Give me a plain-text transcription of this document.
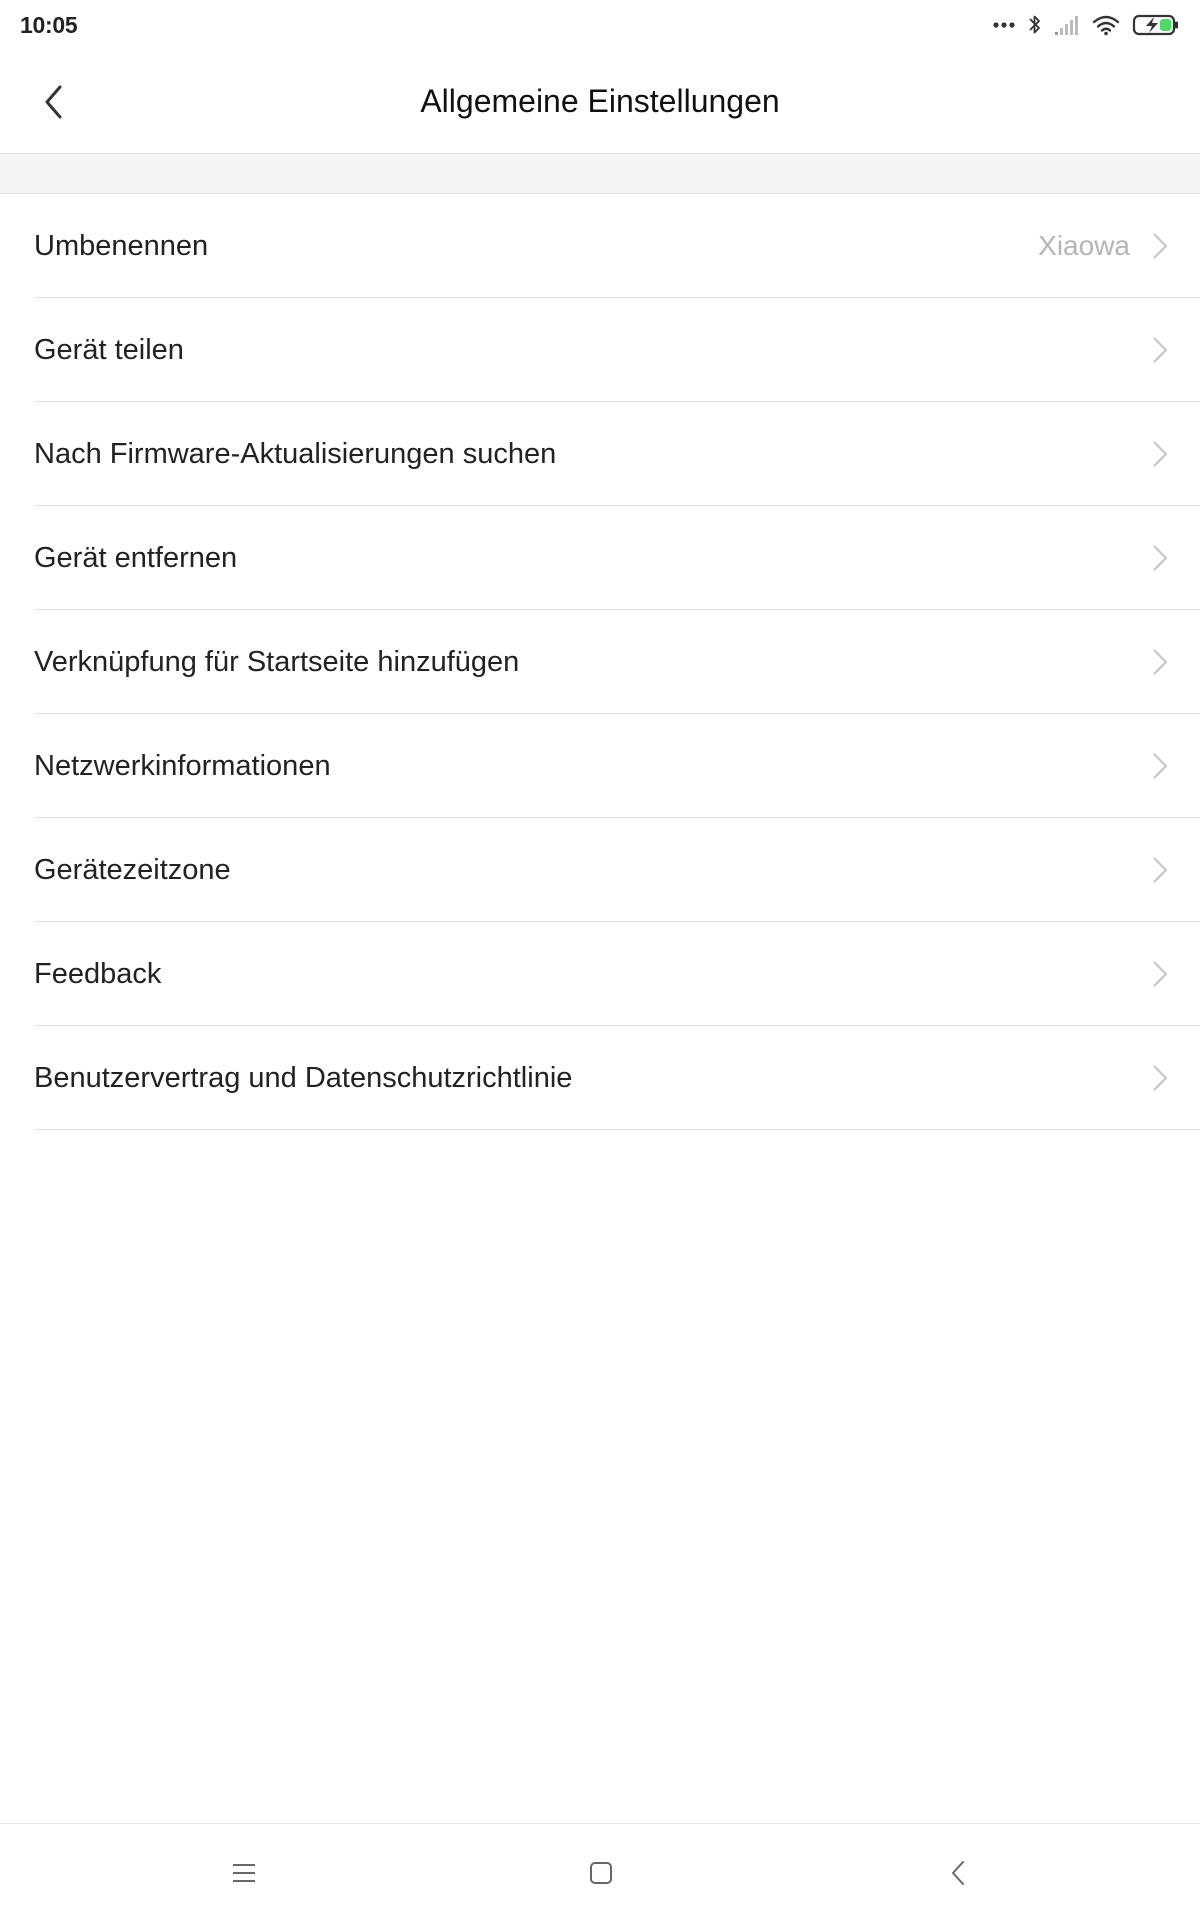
10:05
Allgemeine Einstellungen
Umbenennen	Xiaowa
Gerät teilen
Nach Firmware-Aktualisierungen suchen
Gerät entfernen
Verknüpfung für Startseite hinzufügen
Netzwerkinformationen
Gerätezeitzone
Feedback
Benutzervertrag und Datenschutzrichtlinie
